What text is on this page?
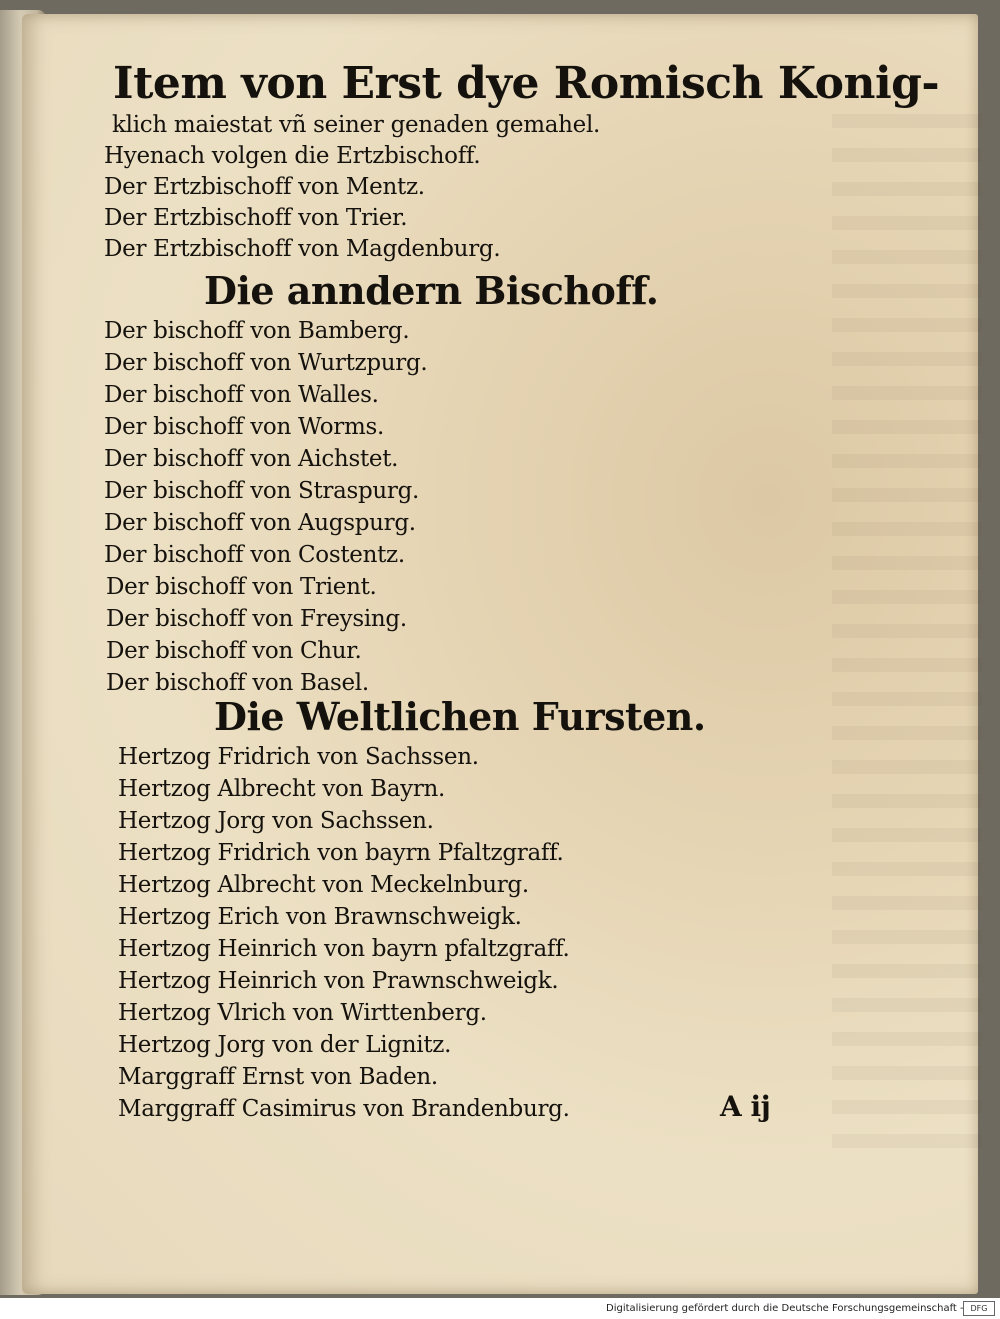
Item von Erst dye Romisch Konig-
klich maiestat vñ seiner genaden gemahel.
Hyenach volgen die Ertzbischoff.
Der Ertzbischoff von Mentz.
Der Ertzbischoff von Trier.
Der Ertzbischoff von Magdenburg.
Die anndern Bischoff.
Der bischoff von Bamberg.
Der bischoff von Wurtzpurg.
Der bischoff von Walles.
Der bischoff von Worms.
Der bischoff von Aichstet.
Der bischoff von Straspurg.
Der bischoff von Augspurg.
Der bischoff von Costentz.
Der bischoff von Trient.
Der bischoff von Freysing.
Der bischoff von Chur.
Der bischoff von Basel.
Die Weltlichen Fursten.
Hertzog Fridrich von Sachssen.
Hertzog Albrecht von Bayrn.
Hertzog Jorg von Sachssen.
Hertzog Fridrich von bayrn Pfaltzgraff.
Hertzog Albrecht von Meckelnburg.
Hertzog Erich von Brawnschweigk.
Hertzog Heinrich von bayrn pfaltzgraff.
Hertzog Heinrich von Prawnschweigk.
Hertzog Vlrich von Wirttenberg.
Hertzog Jorg von der Lignitz.
Marggraff Ernst von Baden.
Marggraff Casimirus von Brandenburg.	A ij
Digitalisierung gefördert durch die Deutsche Forschungsgemeinschaft - DFG
